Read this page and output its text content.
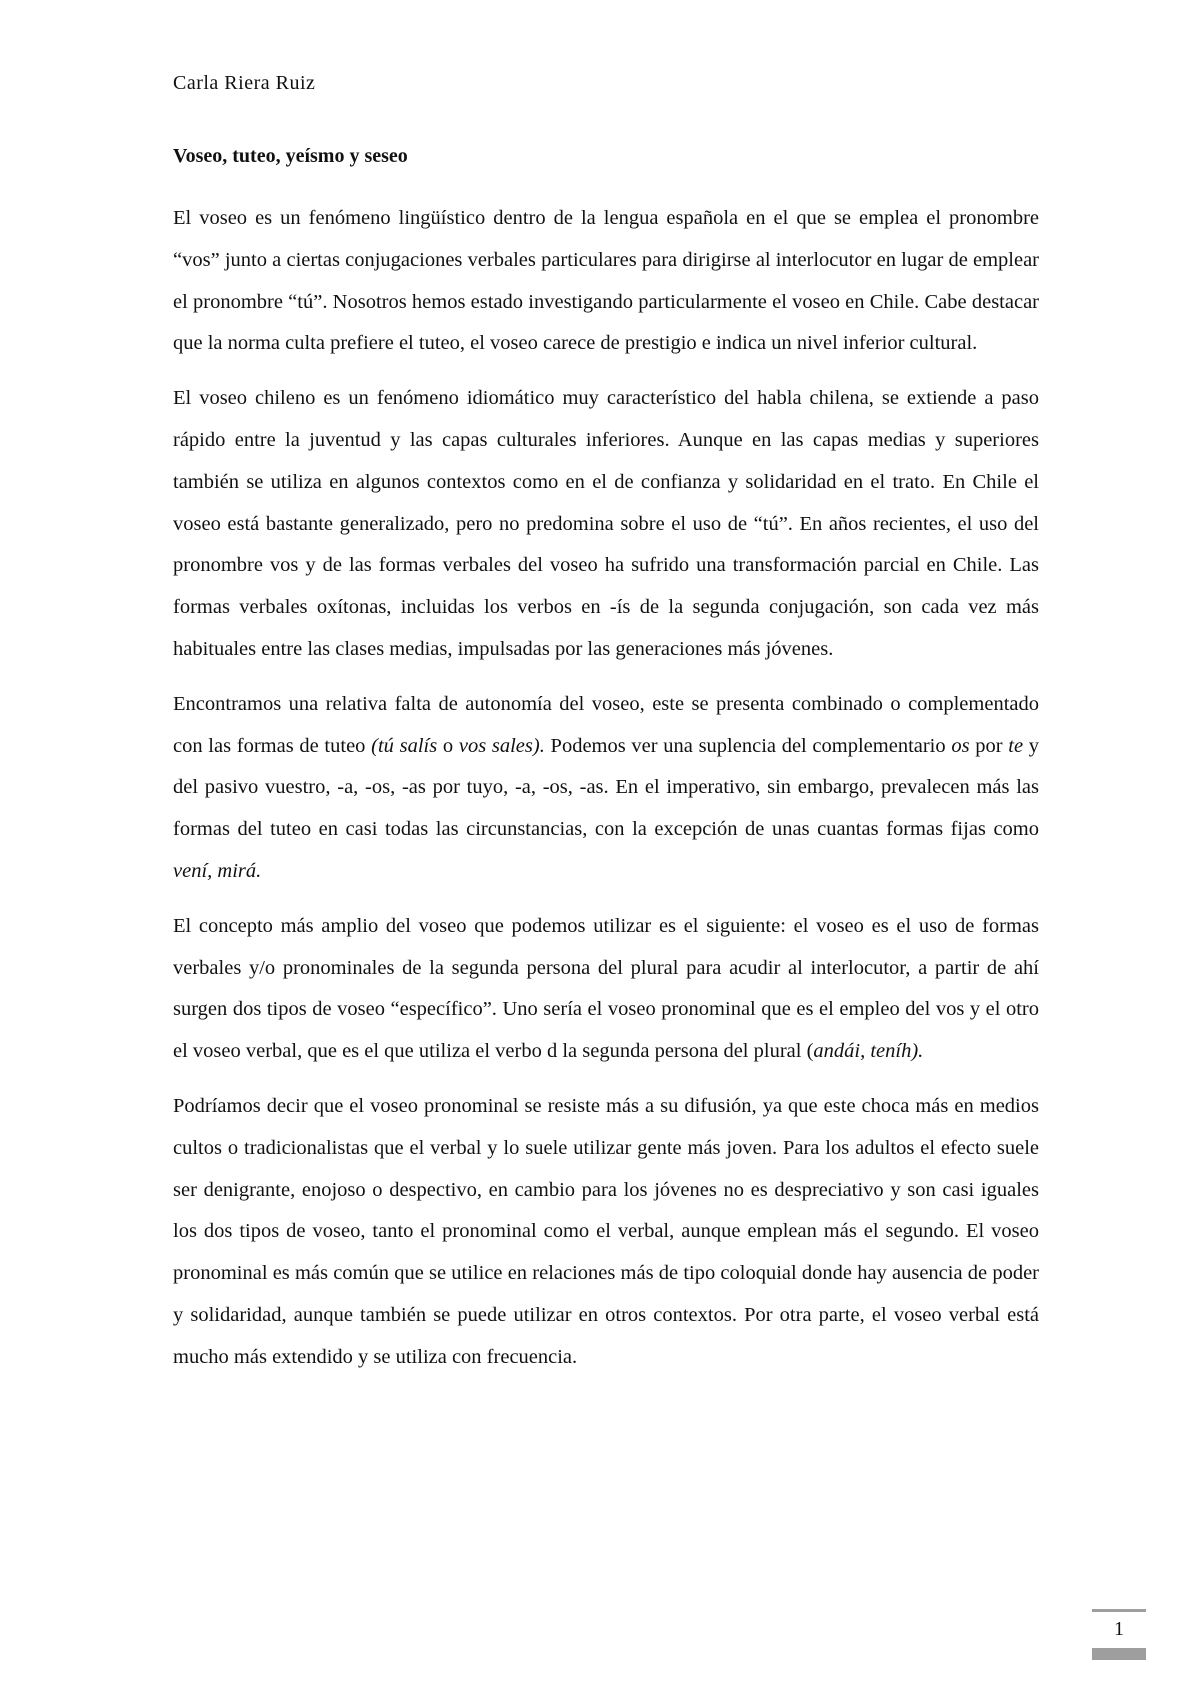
Carla Riera Ruiz
Voseo, tuteo, yeísmo y seseo

El voseo es un fenómeno lingüístico dentro de la lengua española en el que se emplea el pronombre “vos” junto a ciertas conjugaciones verbales particulares para dirigirse al interlocutor en lugar de emplear el pronombre “tú”. Nosotros hemos estado investigando particularmente el voseo en Chile. Cabe destacar que la norma culta prefiere el tuteo, el voseo carece de prestigio e indica un nivel inferior cultural.

El voseo chileno es un fenómeno idiomático muy característico del habla chilena, se extiende a paso rápido entre la juventud y las capas culturales inferiores. Aunque en las capas medias y superiores también se utiliza en algunos contextos como en el de confianza y solidaridad en el trato. En Chile el voseo está bastante generalizado, pero no predomina sobre el uso de “tú”. En años recientes, el uso del pronombre vos y de las formas verbales del voseo ha sufrido una transformación parcial en Chile. Las formas verbales oxítonas, incluidas los verbos en -ís de la segunda conjugación, son cada vez más habituales entre las clases medias, impulsadas por las generaciones más jóvenes.

Encontramos una relativa falta de autonomía del voseo, este se presenta combinado o complementado con las formas de tuteo (tú salís o vos sales). Podemos ver una suplencia del complementario os por te y del pasivo vuestro, -a, -os, -as por tuyo, -a, -os, -as. En el imperativo, sin embargo, prevalecen más las formas del tuteo en casi todas las circunstancias, con la excepción de unas cuantas formas fijas como vení, mirá.

El concepto más amplio del voseo que podemos utilizar es el siguiente: el voseo es el uso de formas verbales y/o pronominales de la segunda persona del plural para acudir al interlocutor, a partir de ahí surgen dos tipos de voseo “específico”. Uno sería el voseo pronominal que es el empleo del vos y el otro el voseo verbal, que es el que utiliza el verbo d la segunda persona del plural (andái, teníh).

Podríamos decir que el voseo pronominal se resiste más a su difusión, ya que este choca más en medios cultos o tradicionalistas que el verbal y lo suele utilizar gente más joven. Para los adultos el efecto suele ser denigrante, enojoso o despectivo, en cambio para los jóvenes no es despreciativo y son casi iguales los dos tipos de voseo, tanto el pronominal como el verbal, aunque emplean más el segundo. El voseo pronominal es más común que se utilice en relaciones más de tipo coloquial donde hay ausencia de poder y solidaridad, aunque también se puede utilizar en otros contextos. Por otra parte, el voseo verbal está mucho más extendido y se utiliza con frecuencia.

1
